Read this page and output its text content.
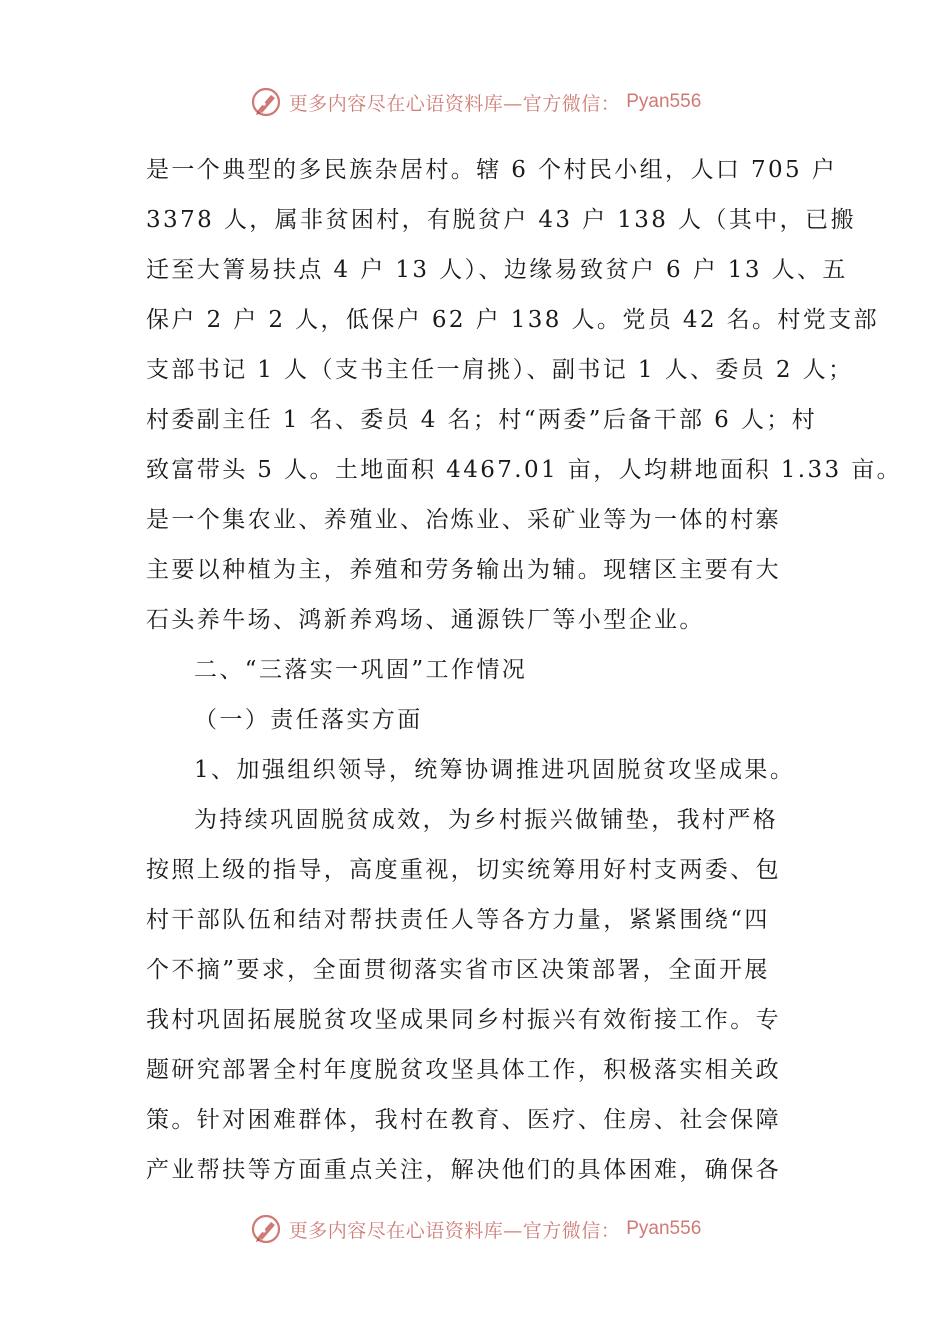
更多内容尽在心语资料库—官方微信： Pyan556
是一个典型的多民族杂居村。辖 6 个村民小组，人口 705 户
3378 人，属非贫困村，有脱贫户 43 户 138 人（其中，已搬
迁至大箐易扶点 4 户 13 人）、边缘易致贫户 6 户 13 人、五
保户 2 户 2 人，低保户 62 户 138 人。党员 42 名。村党支部
支部书记 1 人（支书主任一肩挑）、副书记 1 人、委员 2 人；
村委副主任 1 名、委员 4 名；村“两委”后备干部 6 人；村
致富带头 5 人。土地面积 4467.01 亩，人均耕地面积 1.33 亩。
是一个集农业、养殖业、冶炼业、采矿业等为一体的村寨
主要以种植为主，养殖和劳务输出为辅。现辖区主要有大
石头养牛场、鸿新养鸡场、通源铁厂等小型企业。
二、“三落实一巩固”工作情况
（一）责任落实方面
1、加强组织领导，统筹协调推进巩固脱贫攻坚成果。
为持续巩固脱贫成效，为乡村振兴做铺垫，我村严格
按照上级的指导，高度重视，切实统筹用好村支两委、包
村干部队伍和结对帮扶责任人等各方力量，紧紧围绕“四
个不摘”要求，全面贯彻落实省市区决策部署，全面开展
我村巩固拓展脱贫攻坚成果同乡村振兴有效衔接工作。专
题研究部署全村年度脱贫攻坚具体工作，积极落实相关政
策。针对困难群体，我村在教育、医疗、住房、社会保障
产业帮扶等方面重点关注，解决他们的具体困难，确保各
更多内容尽在心语资料库—官方微信： Pyan556
